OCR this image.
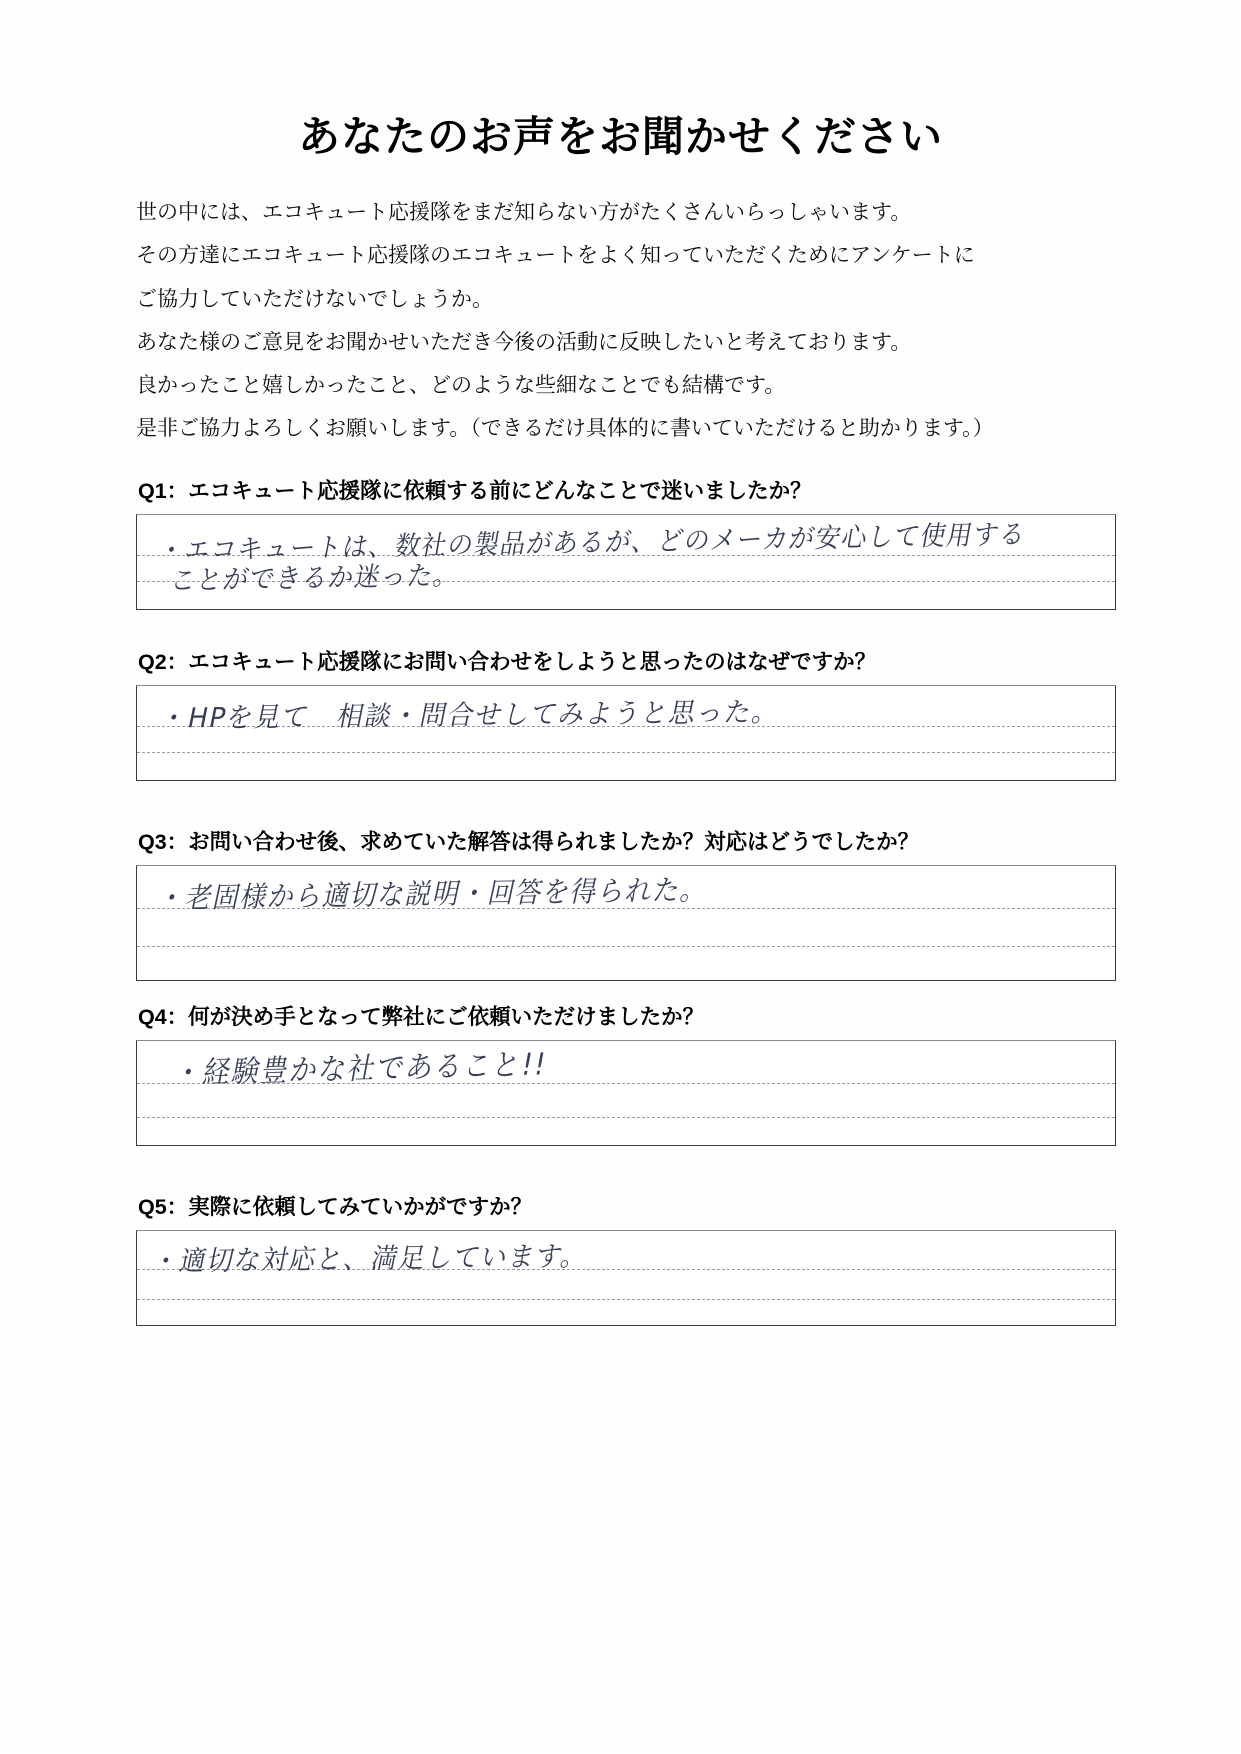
あなたのお声をお聞かせください

世の中には、エコキュート応援隊をまだ知らない方がたくさんいらっしゃいます。

その方達にエコキュート応援隊のエコキュートをよく知っていただくためにアンケートに

ご協力していただけないでしょうか。

あなた様のご意見をお聞かせいただき今後の活動に反映したいと考えております。

良かったこと嬉しかったこと、どのような些細なことでも結構です。

是非ご協力よろしくお願いします。（できるだけ具体的に書いていただけると助かります。）

Q1：エコキュート応援隊に依頼する前にどんなことで迷いましたか？
・エコキュートは、数社の製品があるが、どのメーカが安心して使用する
ことができるか迷った。
Q2：エコキュート応援隊にお問い合わせをしようと思ったのはなぜですか？
・HPを見て　相談・問合せしてみようと思った。
Q3：お問い合わせ後、求めていた解答は得られましたか？対応はどうでしたか？
・老固様から適切な説明・回答を得られた。
Q4：何が決め手となって弊社にご依頼いただけましたか？
・経験豊かな社であること!!
Q5：実際に依頼してみていかがですか？
・適切な対応と、満足しています。
